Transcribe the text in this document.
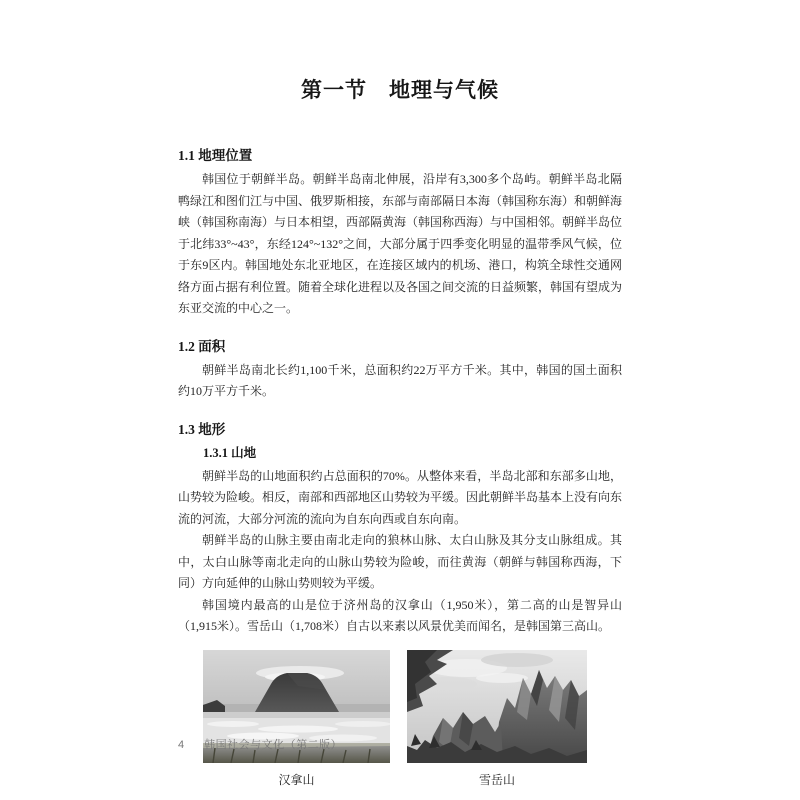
第一节　地理与气候
1.1 地理位置

韩国位于朝鲜半岛。朝鲜半岛南北伸展，沿岸有3,300多个岛屿。朝鲜半岛北隔鸭绿江和图们江与中国、俄罗斯相接，东部与南部隔日本海（韩国称东海）和朝鲜海峡（韩国称南海）与日本相望，西部隔黄海（韩国称西海）与中国相邻。朝鲜半岛位于北纬33°~43°，东经124°~132°之间，大部分属于四季变化明显的温带季风气候，位于东9区内。韩国地处东北亚地区，在连接区域内的机场、港口，构筑全球性交通网络方面占据有利位置。随着全球化进程以及各国之间交流的日益频繁，韩国有望成为东亚交流的中心之一。

1.2 面积

朝鲜半岛南北长约1,100千米，总面积约22万平方千米。其中，韩国的国土面积约10万平方千米。

1.3 地形
1.3.1 山地

朝鲜半岛的山地面积约占总面积的70%。从整体来看，半岛北部和东部多山地，山势较为险峻。相反，南部和西部地区山势较为平缓。因此朝鲜半岛基本上没有向东流的河流，大部分河流的流向为自东向西或自东向南。

朝鲜半岛的山脉主要由南北走向的狼林山脉、太白山脉及其分支山脉组成。其中，太白山脉等南北走向的山脉山势较为险峻，而往黄海（朝鲜与韩国称西海，下同）方向延伸的山脉山势则较为平缓。

韩国境内最高的山是位于济州岛的汉拿山（1,950米），第二高的山是智异山（1,915米）。雪岳山（1,708米）自古以来素以风景优美而闻名，是韩国第三高山。

汉拿山	雪岳山
4 韩国社会与文化（第二版）
